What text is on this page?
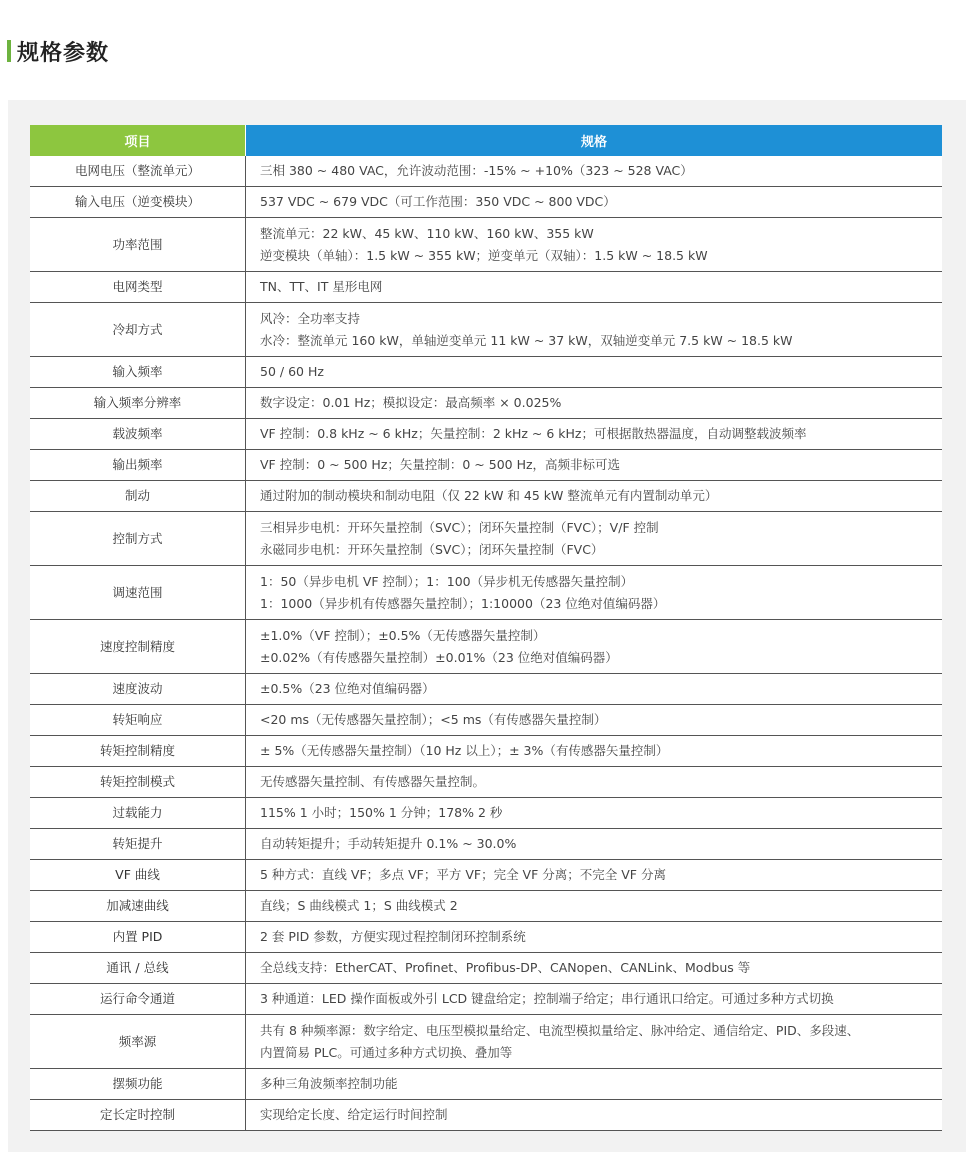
规格参数
项目	规格
电网电压（整流单元）	三相 380 ~ 480 VAC，允许波动范围：-15% ~ +10%（323 ~ 528 VAC）

输入电压（逆变模块）	537 VDC ~ 679 VDC（可工作范围：350 VDC ~ 800 VDC）

功率范围	整流单元：22 kW、45 kW、110 kW、160 kW、355 kW
逆变模块（单轴）：1.5 kW ~ 355 kW；逆变单元（双轴）：1.5 kW ~ 18.5 kW

电网类型	TN、TT、IT 星形电网

冷却方式	风冷：全功率支持
水冷：整流单元 160 kW，单轴逆变单元 11 kW ~ 37 kW，双轴逆变单元 7.5 kW ~ 18.5 kW

输入频率	50 / 60 Hz

输入频率分辨率	数字设定：0.01 Hz；模拟设定：最高频率 × 0.025%

载波频率	VF 控制：0.8 kHz ~ 6 kHz；矢量控制：2 kHz ~ 6 kHz；可根据散热器温度，自动调整载波频率

输出频率	VF 控制：0 ~ 500 Hz；矢量控制：0 ~ 500 Hz，高频非标可选

制动	通过附加的制动模块和制动电阻（仅 22 kW 和 45 kW 整流单元有内置制动单元）

控制方式	三相异步电机：开环矢量控制（SVC）；闭环矢量控制（FVC）；V/F 控制
永磁同步电机：开环矢量控制（SVC）；闭环矢量控制（FVC）

调速范围	1：50（异步电机 VF 控制）；1：100（异步机无传感器矢量控制）
1：1000（异步机有传感器矢量控制）；1:10000（23 位绝对值编码器）

速度控制精度	±1.0%（VF 控制）；±0.5%（无传感器矢量控制）
±0.02%（有传感器矢量控制）±0.01%（23 位绝对值编码器）

速度波动	±0.5%（23 位绝对值编码器）

转矩响应	<20 ms（无传感器矢量控制）；<5 ms（有传感器矢量控制）

转矩控制精度	± 5%（无传感器矢量控制）（10 Hz 以上）；± 3%（有传感器矢量控制）

转矩控制模式	无传感器矢量控制、有传感器矢量控制。

过载能力	115% 1 小时；150% 1 分钟；178% 2 秒

转矩提升	自动转矩提升；手动转矩提升 0.1% ~ 30.0%

VF 曲线	5 种方式：直线 VF；多点 VF；平方 VF；完全 VF 分离；不完全 VF 分离

加减速曲线	直线；S 曲线模式 1；S 曲线模式 2

内置 PID	2 套 PID 参数，方便实现过程控制闭环控制系统

通讯 / 总线	全总线支持：EtherCAT、Profinet、Profibus-DP、CANopen、CANLink、Modbus 等

运行命令通道	3 种通道：LED 操作面板或外引 LCD 键盘给定；控制端子给定；串行通讯口给定。可通过多种方式切换

频率源	共有 8 种频率源：数字给定、电压型模拟量给定、电流型模拟量给定、脉冲给定、通信给定、PID、多段速、
内置简易 PLC。可通过多种方式切换、叠加等

摆频功能	多种三角波频率控制功能

定长定时控制	实现给定长度、给定运行时间控制
